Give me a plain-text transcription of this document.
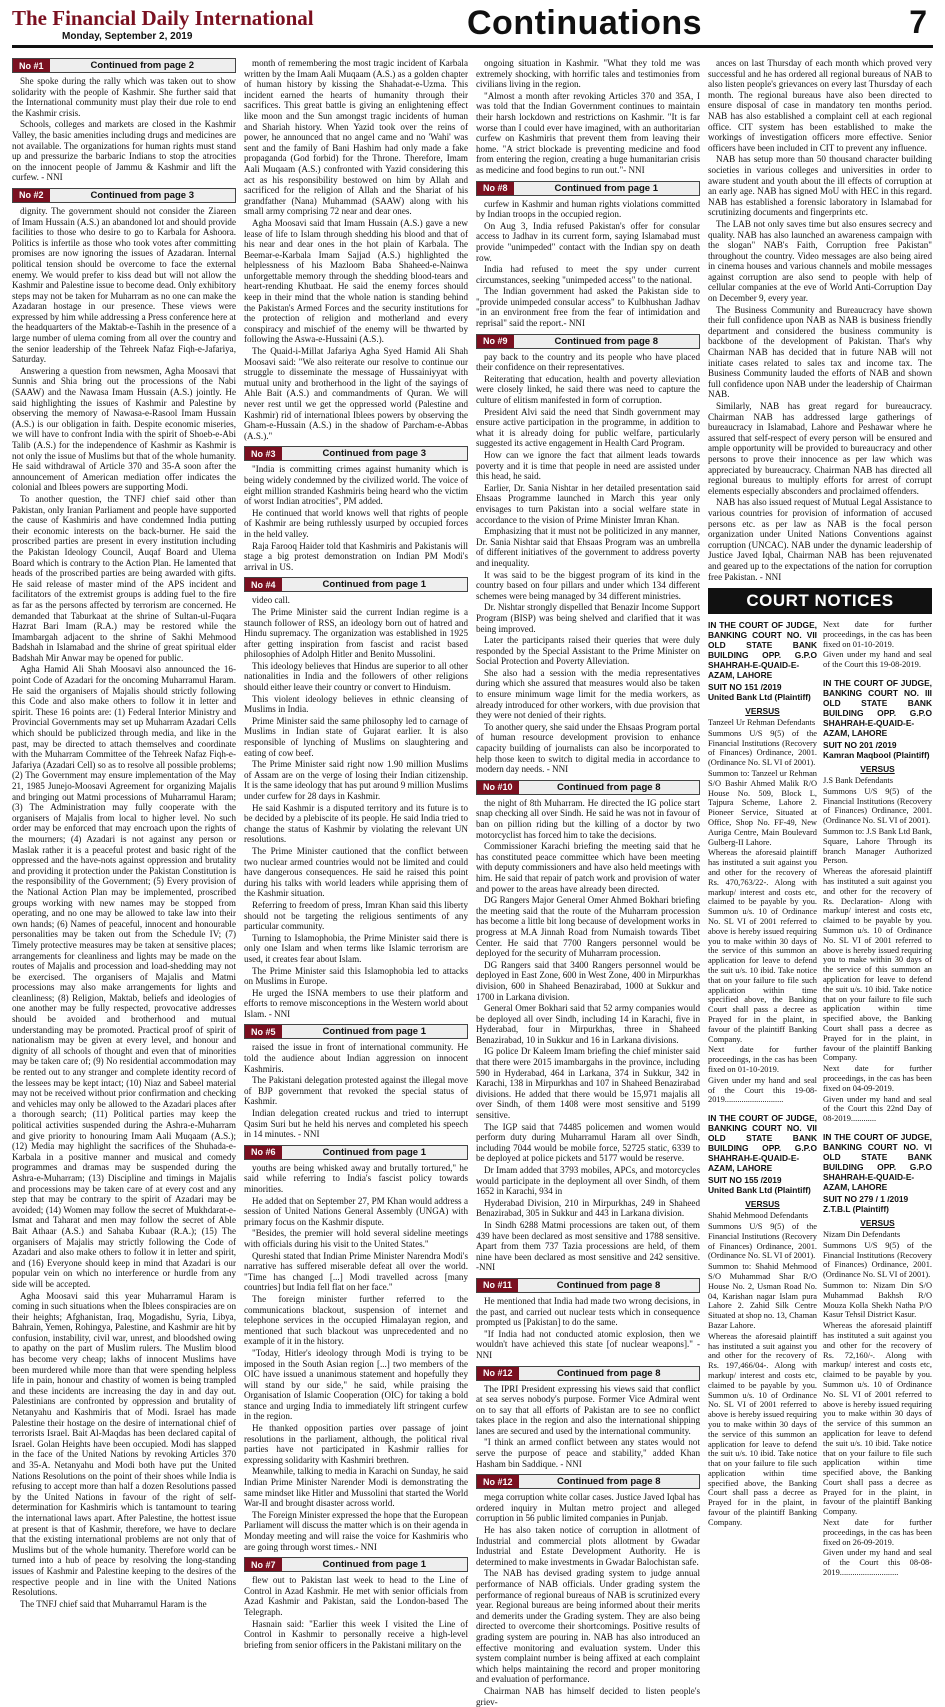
The Financial Daily International
Monday, September 2, 2019	Continuations	7
No #1	Continued from page 2

She spoke during the rally which was taken out to show solidarity with the people of Kashmir. She further said that the International community must play their due role to end the Kashmir crisis.

Schools, colleges and markets are closed in the Kashmir Valley, the basic amenities including drugs and medicines are not available. The organizations for human rights must stand up and pressurize the barbaric Indians to stop the atrocities on the innocent people of Jammu & Kashmir and lift the curfew. - NNI

No #2	Continued from page 3

dignity. The government should not consider the Ziareen of Imam Hussain (A.S.) an abandoned lot and should provide facilities to those who desire to go to Karbala for Ashoora. Politics is infertile as those who took votes after committing promises are now ignoring the issues of Azadaran. Internal political tension should be overcome to face the external enemy. We would prefer to kiss dead but will not allow the Kashmir and Palestine issue to become dead. Only exhibitory steps may not be taken for Muharram as no one can make the Azadaran hostage in our presence. These views were expressed by him while addressing a Press conference here at the headquarters of the Maktab-e-Tashih in the presence of a large number of ulema coming from all over the country and the senior leadership of the Tehreek Nafaz Fiqh-e-Jafariya, Saturday.

Answering a question from newsmen, Agha Moosavi that Sunnis and Shia bring out the processions of the Nabi (SAAW) and the Nawasa Imam Hussain (A.S.) jointly. He said highlighting the issues of Kashmir and Palestine by observing the memory of Nawasa-e-Rasool Imam Hussain (A.S.) is our obligation in faith. Despite economic miseries, we will have to confront India with the spirit of Shoeb-e-Abi Talib (A.S.) for the independence of Kashmir as Kashmir is not only the issue of Muslims but that of the whole humanity. He said withdrawal of Article 370 and 35-A soon after the announcement of American mediation offer indicates the colonial and Iblees powers are supporting Modi.

To another question, the TNFJ chief said other than Pakistan, only Iranian Parliament and people have supported the cause of Kashmiris and have condemned India putting their economic interests on the back-burner. He said the proscribed parties are present in every institution including the Pakistan Ideology Council, Auqaf Board and Ulema Board which is contrary to the Action Plan. He lamented that heads of the proscribed parties are being awarded with gifts. He said release of master mind of the APS incident and facilitators of the extremist groups is adding fuel to the fire as far as the persons affected by terrorism are concerned. He demanded that Taburkaat at the shrine of Sultan-ul-Fuqara Hazrat Bari Imam (R.A.) may be restored while the Imambargah adjacent to the shrine of Sakhi Mehmood Badshah in Islamabad and the shrine of great spiritual elder Badshah Mir Anwar may be opened for public.

Agha Hamid Ali Shah Moosavi also announced the 16-point Code of Azadari for the oncoming Muharramul Haram. He said the organisers of Majalis should strictly following this Code and also make others to follow it in letter and spirit. These 16 points are: (1) Federal Interior Ministry and Provincial Governments may set up Muharram Azadari Cells which should be publicized through media, and like in the past, may be directed to attach themselves and coordinate with the Muharram Committee of the Tehreek Nafaz Fiqh-e-Jafariya (Azadari Cell) so as to resolve all possible problems; (2) The Government may ensure implementation of the May 21, 1985 Junejo-Moosavi Agreement for organizing Majalis and bringing out Matmi processions of Muharramul Haram; (3) The Administration may fully cooperate with the organisers of Majalis from local to higher level. No such order may be enforced that may encroach upon the rights of the mourners; (4) Azadari is not against any person or Maslak rather it is a peaceful protest and basic right of the oppressed and the have-nots against oppression and brutality and providing it protection under the Pakistan Constitution is the responsibility of the Government; (5) Every provision of the National Action Plan may be implemented, proscribed groups working with new names may be stopped from operating, and no one may be allowed to take law into their own hands; (6) Names of peaceful, innocent and honourable personalities may be taken out from the Schedule IV; (7) Timely protective measures may be taken at sensitive places; arrangements for cleanliness and lights may be made on the routes of Majalis and procession and load-shedding may not be exercised. The organisers of Majalis and Matmi processions may also make arrangements for lights and cleanliness; (8) Religion, Maktab, beliefs and ideologies of one another may be fully respected, provocative addresses should be avoided and brotherhood and mutual understanding may be promoted. Practical proof of spirit of nationalism may be given at every level, and honour and dignity of all schools of thought and even that of minorities may be taken care of; (9) No residential accommodation may be rented out to any stranger and complete identity record of the lessees may be kept intact; (10) Niaz and Sabeel material may not be received without prior confirmation and checking and vehicles may only be allowed to the Azadari places after a thorough search; (11) Political parties may keep the political activities suspended during the Ashra-e-Muharram and give priority to honouring Imam Aali Muqaam (A.S.); (12) Media may highlight the sacrifices of the Shuhada-e-Karbala in a positive manner and musical and comedy programmes and dramas may be suspended during the Ashra-e-Muharram; (13) Discipline and timings in Majalis and processions may be taken care of at every cost and any step that may be contrary to the spirit of Azadari may be avoided; (14) Women may follow the secret of Mukhdarat-e-Ismat and Taharat and men may follow the secret of Able Bait Athaar (A.S.) and Sahaba Kubaar (R.A.); (15) The organisers of Majalis may strictly following the Code of Azadari and also make others to follow it in letter and spirit, and (16) Everyone should keep in mind that Azadari is our popular vein on which no interference or hurdle from any side will be accepted.

Agha Moosavi said this year Muharramul Haram is coming in such situations when the Iblees conspiracies are on their heights; Afghanistan, Iraq, Mogadishu, Syria, Libya, Bahrain, Yemen, Rohingya, Palestine, and Kashmir are hit by confusion, instability, civil war, unrest, and bloodshed owing to apathy on the part of Muslim rulers. The Muslim blood has become very cheap; lakhs of innocent Muslims have been murdered while more than that were spending helpless life in pain, honour and chastity of women is being trampled and these incidents are increasing the day in and day out. Palestinians are confronted by oppression and brutality of Netanyahu and Kashmiris that of Modi. Israel has made Palestine their hostage on the desire of international chief of terrorists Israel. Bait Al-Maqdas has been declared capital of Israel. Golan Heights have been occupied. Modi has slapped in the face of the United Nations by revoking Articles 370 and 35-A. Netanyahu and Modi both have put the United Nations Resolutions on the point of their shoes while India is refusing to accept more than half a dozen Resolutions passed by the United Nations in favour of the right of self-determination for Kashmiris which is tantamount to tearing the international laws apart. After Palestine, the hottest issue at present is that of Kashmir, therefore, we have to declare that the existing international problems are not only that of Muslims but of the whole humanity. Therefore world can be turned into a hub of peace by resolving the long-standing issues of Kashmir and Palestine keeping to the desires of the respective people and in line with the United Nations Resolutions.

The TNFJ chief said that Muharramul Haram is the

month of remembering the most tragic incident of Karbala written by the Imam Aali Muqaam (A.S.) as a golden chapter of human history by kissing the Shahadat-e-Uzma. This incident earned the hearts of humanity through their sacrifices. This great battle is giving an enlightening effect like moon and the Sun amongst tragic incidents of human and Shariah history. When Yazid took over the reins of power, he announced that no angel came and no 'Wahi' was sent and the family of Bani Hashim had only made a fake propaganda (God forbid) for the Throne. Therefore, Imam Aali Muqaam (A.S.) confronted with Yazid considering this act as his responsibility bestowed on him by Allah and sacrificed for the religion of Allah and the Shariat of his grandfather (Nana) Muhammad (SAAW) along with his small army comprising 72 near and dear ones.

Agha Moosavi said that Imam Hussain (A.S.) gave a new lease of life to Islam through shedding his blood and that of his near and dear ones in the hot plain of Karbala. The Beemar-e-Karbala Imam Sajjad (A.S.) highlighted the helplessness of his Mazloom Baba Shaheed-e-Nainwa unforgettable memory through the shedding blood-tears and heart-rending Khutbaat. He said the enemy forces should keep in their mind that the whole nation is standing behind the Pakistan's Armed Forces and the security institutions for the protection of religion and motherland and every conspiracy and mischief of the enemy will be thwarted by following the Aswa-e-Hussaini (A.S.).

The Quaid-i-Millat Jafariya Agha Syed Hamid Ali Shah Moosavi said: "We also reiterate our resolve to continue our struggle to disseminate the message of Hussainiyyat with mutual unity and brotherhood in the light of the sayings of Ahle Bait (A.S.) and commandments of Quran. We will never rest until we get the oppressed world (Palestine and Kashmir) rid of international Iblees powers by observing the Gham-e-Hussain (A.S.) in the shadow of Parcham-e-Abbas (A.S.)."

No #3	Continued from page 3

"India is committing crimes against humanity which is being widely condemned by the civilized world. The voice of eight million stranded Kashmiris being heard who the victim of worst Indian atrocities", PM added.

He continued that world knows well that rights of people of Kashmir are being ruthlessly usurped by occupied forces in the held valley.

Raja Farooq Haider told that Kashmiris and Pakistanis will stage a big protest demonstration on Indian PM Modi's arrival in US.

No #4	Continued from page 1

video call.

The Prime Minister said the current Indian regime is a staunch follower of RSS, an ideology born out of hatred and Hindu supremacy. The organization was established in 1925 after getting inspiration from fascist and racist based philosophies of Adolph Hitler and Benito Mussolini.

This ideology believes that Hindus are superior to all other nationalities in India and the followers of other religions should either leave their country or convert to Hinduism.

This violent ideology believes in ethnic cleansing of Muslims in India.

Prime Minister said the same philosophy led to carnage of Muslims in Indian state of Gujarat earlier. It is also responsible of lynching of Muslims on slaughtering and eating of cow beef.

The Prime Minister said right now 1.90 million Muslims of Assam are on the verge of losing their Indian citizenship. It is the same ideology that has put around 9 million Muslims under curfew for 28 days in Kashmir.

He said Kashmir is a disputed territory and its future is to be decided by a plebiscite of its people. He said India tried to change the status of Kashmir by violating the relevant UN resolutions.

The Prime Minister cautioned that the conflict between two nuclear armed countries would not be limited and could have dangerous consequences. He said he raised this point during his talks with world leaders while apprising them of the Kashmir situation.

Referring to freedom of press, Imran Khan said this liberty should not be targeting the religious sentiments of any particular community.

Turning to Islamophobia, the Prime Minister said there is only one Islam and when terms like Islamic terrorism are used, it creates fear about Islam.

The Prime Minister said this Islamophobia led to attacks on Muslims in Europe.

He urged the ISNA members to use their platform and efforts to remove misconceptions in the Western world about Islam. - NNI

No #5	Continued from page 1

raised the issue in front of international community. He told the audience about Indian aggression on innocent Kashmiris.

The Pakistani delegation protested against the illegal move of BJP government that revoked the special status of Kashmir.

Indian delegation created ruckus and tried to interrupt Qasim Suri but he held his nerves and completed his speech in 14 minutes. - NNI

No #6	Continued from page 1

youths are being whisked away and brutally tortured," he said while referring to India's fascist policy towards minorities.

He added that on September 27, PM Khan would address a session of United Nations General Assembly (UNGA) with primary focus on the Kashmir dispute.

"Besides, the premier will hold several sideline meetings with officials during his visit to the United States."

Qureshi stated that Indian Prime Minister Narendra Modi's narrative has suffered miserable defeat all over the world. "Time has changed [...] Modi travelled across [many countries] but India fell flat on her face."

The foreign minister further referred to the communications blackout, suspension of internet and telephone services in the occupied Himalayan region, and mentioned that such blackout was unprecedented and no example of it in the history.

"Today, Hitler's ideology through Modi is trying to be imposed in the South Asian region [...] two members of the OIC have issued a unanimous statement and hopefully they will stand by our side," he said, while praising the Organisation of Islamic Cooperation (OIC) for taking a bold stance and urging India to immediately lift stringent curfew in the region.

He thanked opposition parties over passage of joint resolutions in the parliament, although, the political rival parties have not participated in Kashmir rallies for expressing solidarity with Kashmiri brethren.

Meanwhile, talking to media in Karachi on Sunday, he said Indian Prime Minister Narender Modi is demonstrating the same mindset like Hitler and Mussolini that started the World War-II and brought disaster across world.

The Foreign Minister expressed the hope that the European Parliament will discuss the matter which is on their agenda in Monday meeting and will raise the voice for Kashmiris who are going through worst times.- NNI

No #7	Continued from page 1

flew out to Pakistan last week to head to the Line of Control in Azad Kashmir. He met with senior officials from Azad Kashmir and Pakistan, said the London-based The Telegraph.

Hasnain said: "Earlier this week I visited the Line of Control in Kashmir to personally receive a high-level briefing from senior officers in the Pakistani military on the

ongoing situation in Kashmir. "What they told me was extremely shocking, with horrific tales and testimonies from civilians living in the region.

"Almost a month after revoking Articles 370 and 35A, I was told that the Indian Government continues to maintain their harsh lockdown and restrictions on Kashmir. "It is far worse than I could ever have imagined, with an authoritarian curfew on Kashmiris that prevent them from leaving their home. "A strict blockade is preventing medicine and food from entering the region, creating a huge humanitarian crisis as medicine and food begins to run out."- NNI

No #8	Continued from page 1

curfew in Kashmir and human rights violations committed by Indian troops in the occupied region.

On Aug 3, India refused Pakistan's offer for consular access to Jadhav in its current form, saying Islamabad must provide "unimpeded" contact with the Indian spy on death row.

India had refused to meet the spy under current circumstances, seeking "unimpeded access" to the national.

The Indian government had asked the Pakistan side to "provide unimpeded consular access" to Kulbhushan Jadhav "in an environment free from the fear of intimidation and reprisal" said the report.- NNI

No #9	Continued from page 8

pay back to the country and its people who have placed their confidence on their representatives.

Reiterating that education, health and poverty alleviation were closely linked, he said there was need to capture the culture of elitism manifested in form of corruption.

President Alvi said the need that Sindh government may ensure active participation in the programme, in addition to what it is already doing for public welfare, particularly suggested its active engagement in Health Card Program.

How can we ignore the fact that ailment leads towards poverty and it is time that people in need are assisted under this head, he said.

Earlier, Dr. Sania Nishtar in her detailed presentation said Ehsaas Programme launched in March this year only envisages to turn Pakistan into a social welfare state in accordance to the vision of Prime Minister Imran Khan.

Emphasizing that it must not be politicized in any manner, Dr. Sania Nishtar said that Ehsaas Program was an umbrella of different initiatives of the government to address poverty and inequality.

It was said to be the biggest program of its kind in the country based on four pillars and under which 134 different schemes were being managed by 34 different ministries.

Dr. Nishtar strongly dispelled that Benazir Income Support Program (BISP) was being shelved and clarified that it was being improved.

Later the participants raised their queries that were duly responded by the Special Assistant to the Prime Minister on Social Protection and Poverty Alleviation.

She also had a session with the media representatives during which she assured that measures would also be taken to ensure minimum wage limit for the media workers, as already introduced for other workers, with due provision that they were not denied of their rights.

To another query, she said under the Ehsaas Program portal of human resource development provision to enhance capacity building of journalists can also be incorporated to help those keen to switch to digital media in accordance to modern day needs. - NNI

No #10	Continued from page 8

the night of 8th Muharram. He directed the IG police start snap checking all over Sindh. He said he was not in favour of ban on pillion riding but the killing of a doctor by two motorcyclist has forced him to take the decisions.

Commissioner Karachi briefing the meeting said that he has constituted peace committee which have been meeting with deputy commissioners and have also held meetings with him. He said that repair of patch work and provision of water and power to the areas have already been directed.

DG Rangers Major General Omer Ahmed Bokhari briefing the meeting said that the route of the Muharram procession has become a little bit long because of development works in progress at M.A Jinnah Road from Numaish towards Tibet Center. He said that 7700 Rangers personnel would be deployed for the security of Muharram procession.

DG Rangers said that 3400 Rangers personnel would be deployed in East Zone, 600 in West Zone, 400 in Mirpurkhas division, 600 in Shaheed Benazirabad, 1000 at Sukkur and 1700 in Larkana division.

General Omer Bokhari said that 52 army companies would be deployed all over Sindh, including 14 in Karachi, five in Hyderabad, four in Mirpurkhas, three in Shaheed Benazirabad, 10 in Sukkur and 16 in Larkana divisions.

IG police Dr Kaleem Imam briefing the chief minister said that there were 2015 imambargahs in the province, including 590 in Hyderabad, 464 in Larkana, 374 in Sukkur, 342 in Karachi, 138 in Mirpurkhas and 107 in Shaheed Benazirabad divisions. He added that there would be 15,971 majalis all over Sindh, of them 1408 were most sensitive and 5199 sensitive.

The IGP said that 74485 policemen and women would perform duty during Muharramul Haram all over Sindh, including 7044 would be mobile force, 52725 static, 6339 to be deployed at police pickets and 5177 would be reserve.

Dr Imam added that 3793 mobiles, APCs, and motorcycles would participate in the deployment all over Sindh, of them 1652 in Karachi, 934 in

Hyderabad Division, 210 in Mirpurkhas, 249 in Shaheed Benazirabad, 305 in Sukkur and 443 in Larkana division.

In Sindh 6288 Matmi processions are taken out, of them 439 have been declared as most sensitive and 1788 sensitive. Apart from them 737 Tazia processions are held, of them nine have been declared as most sensitive and 242 sensitive. -NNI

No #11	Continued from page 8

He mentioned that India had made two wrong decisions, in the past, and carried out nuclear tests which in consequence prompted us [Pakistan] to do the same.

"If India had not conducted atomic explosion, then we wouldn't have achieved this state [of nuclear weapons]." - NNI

No #12	Continued from page 8

The IPRI President expressing his views said that conflict at sea serves nobody's purpose. Former Vice Admiral went on to say that all efforts of Pakistan are to see no conflict takes place in the region and also the international shipping lanes are secured and used by the international community.

"I think an armed conflict between any states would not serve the purpose of peace and stability," added Khan Hasham bin Saddique. - NNI

No #12	Continued from page 8

mega corruption white collar cases. Justice Javed Iqbal has ordered inquiry in Multan metro project and alleged corruption in 56 public limited companies in Punjab.

He has also taken notice of corruption in allotment of Industrial and commercial plots allotment by Gwadar Industrial and Estate Development Authority. He is determined to make investments in Gwadar Balochistan safe.

The NAB has devised grading system to judge annual performance of NAB officials. Under grading system the performance of regional bureaus of NAB is scrutinized every year. Regional bureaus are being informed about their merits and demerits under the Grading system. They are also being directed to overcome their shortcomings. Positive results of grading system are pouring in. NAB has also introduced an effective monitoring and evaluation system. Under this system complaint number is being affixed at each complaint which helps maintaining the record and proper monitoring and evaluation of performance.

Chairman NAB has himself decided to listen people's griev-

ances on last Thursday of each month which proved very successful and he has ordered all regional bureaus of NAB to also listen people's grievances on every last Thursday of each month. The regional bureaus have also been directed to ensure disposal of case in mandatory ten months period. NAB has also established a complaint cell at each regional office. CIT system has been established to make the workings of investigation officers more effective. Senior officers have been included in CIT to prevent any influence.

NAB has setup more than 50 thousand character building societies in various colleges and universities in order to aware student and youth about the ill effects of corruption at an early age. NAB has signed MoU with HEC in this regard. NAB has established a forensic laboratory in Islamabad for scrutinizing documents and fingerprints etc.

The LAB not only saves time but also ensures secrecy and quality. NAB has also launched an awareness campaign with the slogan" NAB's Faith, Corruption free Pakistan" throughout the country. Video messages are also being aired in cinema houses and various channels and mobile messages against corruption are also send to people with help of cellular companies at the eve of World Anti-Corruption Day on December 9, every year.

The Business Community and Bureaucracy have shown their full confidence upon NAB as NAB is business friendly department and considered the business community is backbone of the development of Pakistan. That's why Chairman NAB has decided that in future NAB will not initiate cases related to sales tax and income tax. The Business Community lauded the efforts of NAB and shown full confidence upon NAB under the leadership of Chairman NAB.

Similarly, NAB has great regard for bureaucracy. Chairman NAB has addressed large gatherings of bureaucracy in Islamabad, Lahore and Peshawar where he assured that self-respect of every person will be ensured and ample opportunity will be provided to bureaucracy and other persons to prove their innocence as per law which was appreciated by bureaucracy. Chairman NAB has directed all regional bureaus to multiply efforts for arrest of corrupt elements especially absconders and proclaimed offenders.

NAB has also issued request of Mutual Legal Assistance to various countries for provision of information of accused persons etc. as per law as NAB is the focal person organization under United Nations Conventions against corruption (UNCAC). NAB under the dynamic leadership of Justice Javed Iqbal, Chairman NAB has been rejuvenated and geared up to the expectations of the nation for corruption free Pakistan. - NNI

COURT NOTICES
IN THE COURT OF JUDGE, BANKING COURT NO. VII OLD STATE BANK BUILDING OPP. G.P.O SHAHRAH-E-QUAID-E-AZAM, LAHORE
SUIT NO 151 /2019
United Bank Ltd (Plaintiff)
VERSUS
Tanzeel Ur Rehman Defendants
Summons U/S 9(5) of the Financial Institutions (Recovery of Finances) Ordinance, 2001. (Ordinance No. SL VI of 2001).
Summon to: Tanzeel ur Rehman S/O Bashir Ahmed Malik R/O House No. 509, Block L, Tajpura Scheme, Lahore 2. Pioneer Service, Situated at Office, Shop No. FF-49, New Auriga Centre, Main Boulevard Gulberg-II Lahore.
Whereas the aforesaid plaintiff has instituted a suit against you and other for the recovery of Rs. 470,763/22-. Along with markup/ interest and costs etc, claimed to be payable by you. Summon u/s. 10 of Ordinance No. SL VI of 2001 referred to above is hereby issued requiring you to make within 30 days of the service of this summon an application for leave to defend the suit u/s. 10 ibid. Take notice that on your failure to file such application within time specified above, the Banking Court shall pass a decree as Prayed for in the plaint, in favour of the plaintiff Banking Company.
Next date for further proceedings, in the cas has been fixed on 01-10-2019.
Given under my hand and seal of the Court this 19-08-2019............................
IN THE COURT OF JUDGE, BANKING COURT NO. VII OLD STATE BANK BUILDING OPP. G.P.O SHAHRAH-E-QUAID-E-AZAM, LAHORE
SUIT NO 155 /2019
United Bank Ltd (Plaintiff)
VERSUS
Shahid Mehmood Defendants
Summons U/S 9(5) of the Financial Institutions (Recovery of Finances) Ordinance, 2001. (Ordinance No. SL VI of 2001).
Summon to: Shahid Mehmood S/O Muhammad Shar R/O House No. 2, Usman Road No. 04, Karishan nagar Islam pura Lahore 2. Zahid Silk Centre Situated at shop no. 13, Chaman Bazar Lahore.
Whereas the aforesaid plaintiff has instituted a suit against you and other for the recovery of Rs. 197,466/04-. Along with markup/ interest and costs etc, claimed to be payable by you. Summon u/s. 10 of Ordinance No. SL VI of 2001 referred to above is hereby issued requiring you to make within 30 days of the service of this summon an application for leave to defend the suit u/s. 10 ibid. Take notice that on your failure to file such application within time specified above, the Banking Court shall pass a decree as Prayed for in the plaint, in favour of the plaintiff Banking Company.
Next date for further proceedings, in the cas has been fixed on 01-10-2019.
Given under my hand and seal of the Court this 19-08-2019.
IN THE COURT OF JUDGE, BANKING COURT NO. III OLD STATE BANK BUILDING OPP. G.P.O SHAHRAH-E-QUAID-E-AZAM, LAHORE
SUIT NO 201 /2019
Kamran Maqbool (Plaintiff)
VERSUS
J.S Bank Defendants
Summons U/S 9(5) of the Financial Institutions (Recovery of Finances) Ordinance, 2001. (Ordinance No. SL VI of 2001).
Summon to: J.S Bank Ltd Bank, Square, Lahore Through its branch Manager Authorized Person.
Whereas the aforesaid plaintiff has instituted a suit against you and other for the recovery of Rs. Declaration- Along with markup/ interest and costs etc, claimed to be payable by you. Summon u/s. 10 of Ordinance No. SL VI of 2001 referred to above is hereby issued requiring you to make within 30 days of the service of this summon an application for leave to defend the suit u/s. 10 ibid. Take notice that on your failure to file such application within time specified above, the Banking Court shall pass a decree as Prayed for in the plaint, in favour of the plaintiff Banking Company.
Next date for further proceedings, in the cas has been fixed on 04-09-2019.
Given under my hand and seal of the Court this 22nd Day of 08-2019............
IN THE COURT OF JUDGE, BANKING COURT NO. VI OLD STATE BANK BUILDING OPP. G.P.O SHAHRAH-E-QUAID-E-AZAM, LAHORE
SUIT NO 279 / 1 /2019
Z.T.B.L (Plaintiff)
VERSUS
Nizam Din Defendants
Summons U/S 9(5) of the Financial Institutions (Recovery of Finances) Ordinance, 2001. (Ordinance No. SL VI of 2001).
Summon to: Nizam Din S/O Muhammad Bakhsh R/O Mouza Kolla Shekh Natha P/O Kasur Tehsil District Kasur.
Whereas the aforesaid plaintiff has instituted a suit against you and other for the recovery of Rs. 72,160/-. Along with markup/ interest and costs etc, claimed to be payable by you. Summon u/s. 10 of Ordinance No. SL VI of 2001 referred to above is hereby issued requiring you to make within 30 days of the service of this summon an application for leave to defend the suit u/s. 10 ibid. Take notice that on your failure to file such application within time specified above, the Banking Court shall pass a decree as Prayed for in the plaint, in favour of the plaintiff Banking Company.
Next date for further proceedings, in the cas has been fixed on 26-09-2019.
Given under my hand and seal of the Court this 08-08-2019............................
